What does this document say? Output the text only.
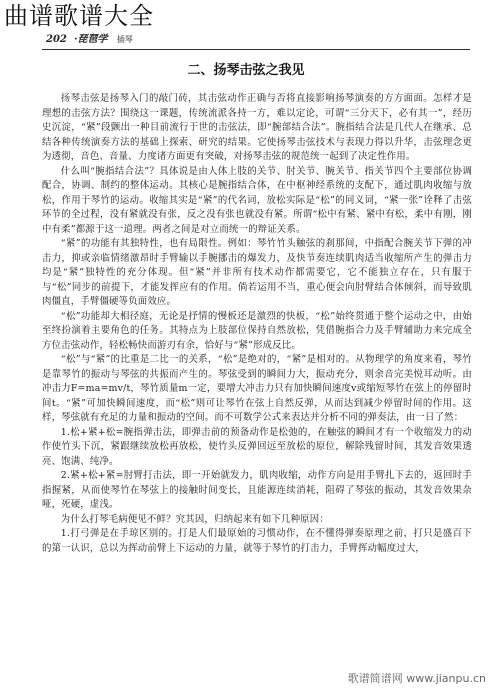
曲谱歌谱大全
202 ·琵琶学 插琴
二、扬琴击弦之我见

扬琴击弦是扬琴入门的敲门砖，其击弦动作正确与否将直接影响扬琴演奏的方方面面。怎样才是理想的击弦方法？围绕这一课题，传统流派各持一方，难以定论，可谓“三分天下，必有其一”，经历史沉淀，“紧”段颤出一种目前流行于世的击弦法，即“腕部结合法”。腕指结合法是几代人在继承、总结各种传统演奏方法的基础上探索、研究的结果。它使扬琴击弦技术与表现力得以升华，击弦理念更为透彻，音色、音量、力度诸方面更有突破，对扬琴击弦的规范统一起到了决定性作用。

什么叫“腕指结合法”？具体说是由人体上肢的关节、肘关节、腕关节、指关节四个主要部位协调配合，协调、制约的整体运动。其核心是腕指结合体，在中枢神经系统的支配下，通过肌肉收缩与放松，作用于琴竹的运动。收缩其实是“紧”的代名词，放松实际是“松”的同义词，“紧一张”诠释了击弦环节的全过程，没有紧就没有张，反之没有张也就没有紧。所谓“松中有紧、紧中有松，柔中有刚，刚中有柔”都源于这一道理。两者之间是对立而统一的辩证关系。

“紧”的功能有其独特性，也有局限性。例如：琴竹竹头触弦的刹那间，中指配合腕关节下弹的冲击力，抑或亲临情绪激昂时手臂输以手腕挪击的爆发力，及快节奏连续肌肉适当收缩所产生的弹击力均是“紧”独特性的充分体现。但“紧”并非所有技术动作都需要它，它不能独立存在，只有服于与“松”同步的前提下，才能发挥应有的作用。倘若运用不当，重心便会向肘臂结合体倾斜，而导致肌肉僵直，手臂僵硬等负面效应。

“松”功能却大相径庭，无论是抒情的慢板还是激烈的快板，“松”始终贯通于整个运动之中，由始至终扮演着主要角色的任务。其特点为上肢部位保持自然放松，凭借腕指合力及手臂辅助力来完成全方位击弦动作，轻松畅快而游刃有余，恰好与“紧”形成反比。

“松”与“紧”的比重是二比一的关系，“松”是绝对的，“紧”是相对的。从物理学的角度来看，琴竹是靠琴竹的振动与琴弦的共振而产生的。琴弦受到的瞬间力大，振动充分，则余音完美悦耳动听。由冲击力F=ma=mv/t，琴竹质量m一定，要增大冲击力只有加快瞬间速度v或缩短琴竹在弦上的停留时间t。“紧”可加快瞬间速度，而“松”则可让琴竹在弦上自然反弹，从而达到减少停留时间的作用。这样，琴弦就有充足的力量和振动的空间。而不可数学公式来表达并分析不同的弹奏法，由一日了然：

1.松+紧+松=腕指弹击法，即弹击前的预备动作是松弛的，在触弦的瞬间才有一个收缩发力的动作使竹头下沉，紧跟继续放松再放松，使竹头反弹回远至放松的原位，解除残留时间，其发音效果透亮、饱满、纯净。

2.紧+松+紧=肘臂打击法，即一开始就发力，肌肉收缩，动作方向是用手臂扎下去的，返回时手指握紧，从而使琴竹在琴弦上的接触时间变长，且能源连续消耗，阻碍了琴弦的振动，其发音效果杂哑，死硬，虚浅。

为什么打琴毛病便见不鲜？究其因，归纳起来有如下几种原因：

1.打弓弹是在手琼区别的。打是人们最原始的习惯动作，在不懂得弹奏原理之前，打只是盛百下的第一认识，总以为挥动前臂上下运动的力量，就等于琴竹的打击力，手臂挥动幅度过大，

歌谱简谱网 www.jianpu.cn
